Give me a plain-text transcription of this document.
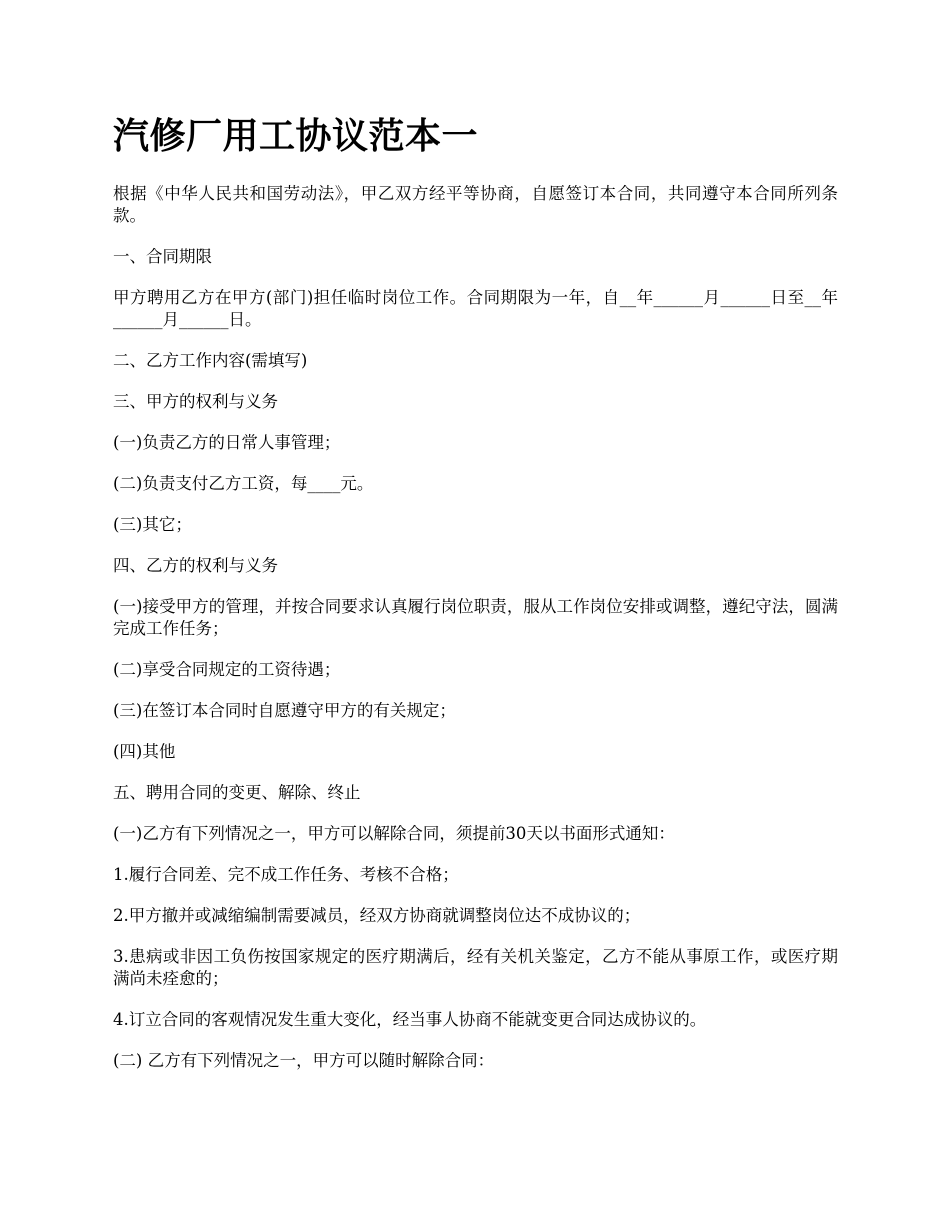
汽修厂用工协议范本一

根据《中华人民共和国劳动法》，甲乙双方经平等协商，自愿签订本合同，共同遵守本合同所列条款。

一、合同期限

甲方聘用乙方在甲方(部门)担任临时岗位工作。合同期限为一年，自__年______月______日至__年______月______日。

二、乙方工作内容(需填写)

三、甲方的权利与义务

(一)负责乙方的日常人事管理；

(二)负责支付乙方工资，每____元。

(三)其它；

四、乙方的权利与义务

(一)接受甲方的管理，并按合同要求认真履行岗位职责，服从工作岗位安排或调整，遵纪守法，圆满完成工作任务；

(二)享受合同规定的工资待遇；

(三)在签订本合同时自愿遵守甲方的有关规定；

(四)其他

五、聘用合同的变更、解除、终止

(一)乙方有下列情况之一，甲方可以解除合同，须提前30天以书面形式通知：

1.履行合同差、完不成工作任务、考核不合格；

2.甲方撤并或减缩编制需要减员，经双方协商就调整岗位达不成协议的；

3.患病或非因工负伤按国家规定的医疗期满后，经有关机关鉴定，乙方不能从事原工作，或医疗期满尚未痊愈的；

4.订立合同的客观情况发生重大变化，经当事人协商不能就变更合同达成协议的。

(二) 乙方有下列情况之一，甲方可以随时解除合同：
